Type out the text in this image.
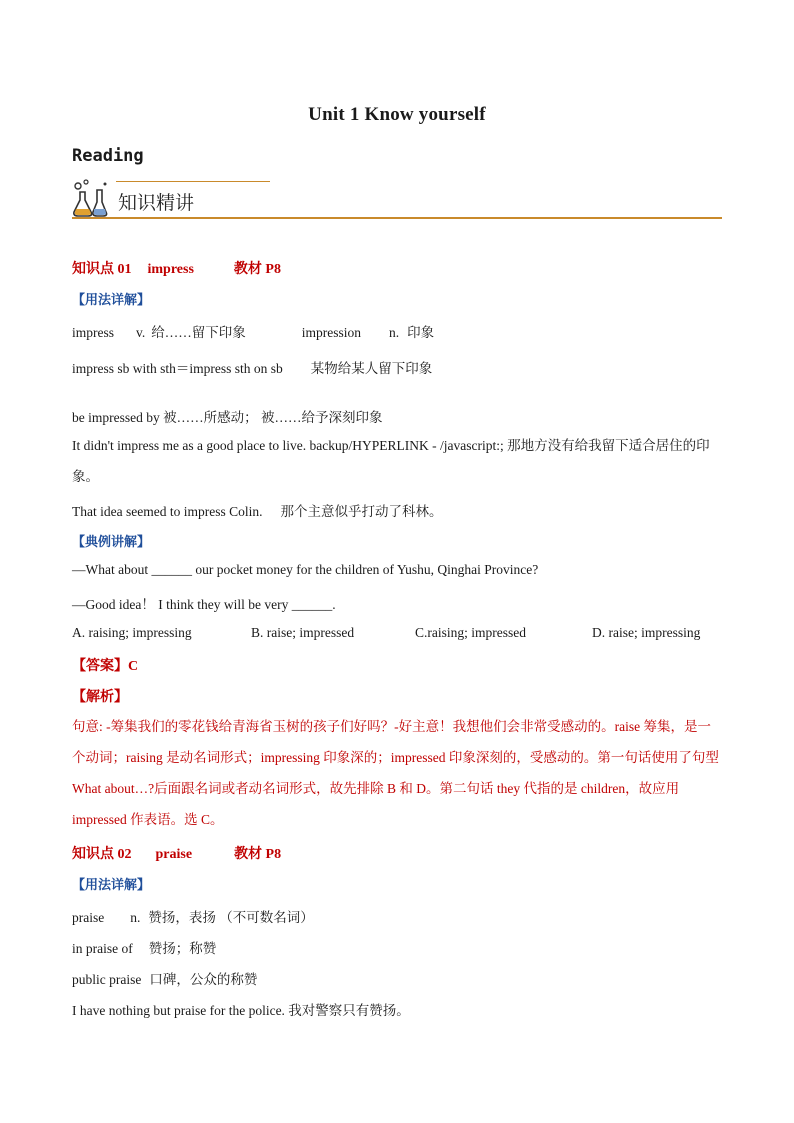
Unit 1 Know yourself
Reading
知识精讲
知识点 01 impress	教材 P8
【用法详解】
impress v. 给……留下印象	impression n. 印象
impress sb with sth＝impress sth on sb 某物给某人留下印象
be impressed by 被……所感动； 被……给予深刻印象
It didn't impress me as a good place to live. backup/HYPERLINK - /javascript:; 那地方没有给我留下适合居住的印象。
That idea seemed to impress Colin. 那个主意似乎打动了科林。
【典例讲解】
—What about ______ our pocket money for the children of Yushu, Qinghai Province?
—Good idea！ I think they will be very ______.
A. raising; impressing	B. raise; impressed	C.raising; impressed	D. raise; impressing
【答案】C
【解析】
句意: -筹集我们的零花钱给青海省玉树的孩子们好吗？-好主意！我想他们会非常受感动的。raise 筹集，是一个动词；raising 是动名词形式；impressing 印象深的；impressed 印象深刻的，受感动的。第一句话使用了句型 What about…?后面跟名词或者动名词形式，故先排除 B 和 D。第二句话 they 代指的是 children，故应用 impressed 作表语。选 C。
知识点 02 praise	教材 P8
【用法详解】
praise n. 赞扬，表扬 （不可数名词）
in praise of 赞扬；称赞
public praise 口碑，公众的称赞
I have nothing but praise for the police. 我对警察只有赞扬。
